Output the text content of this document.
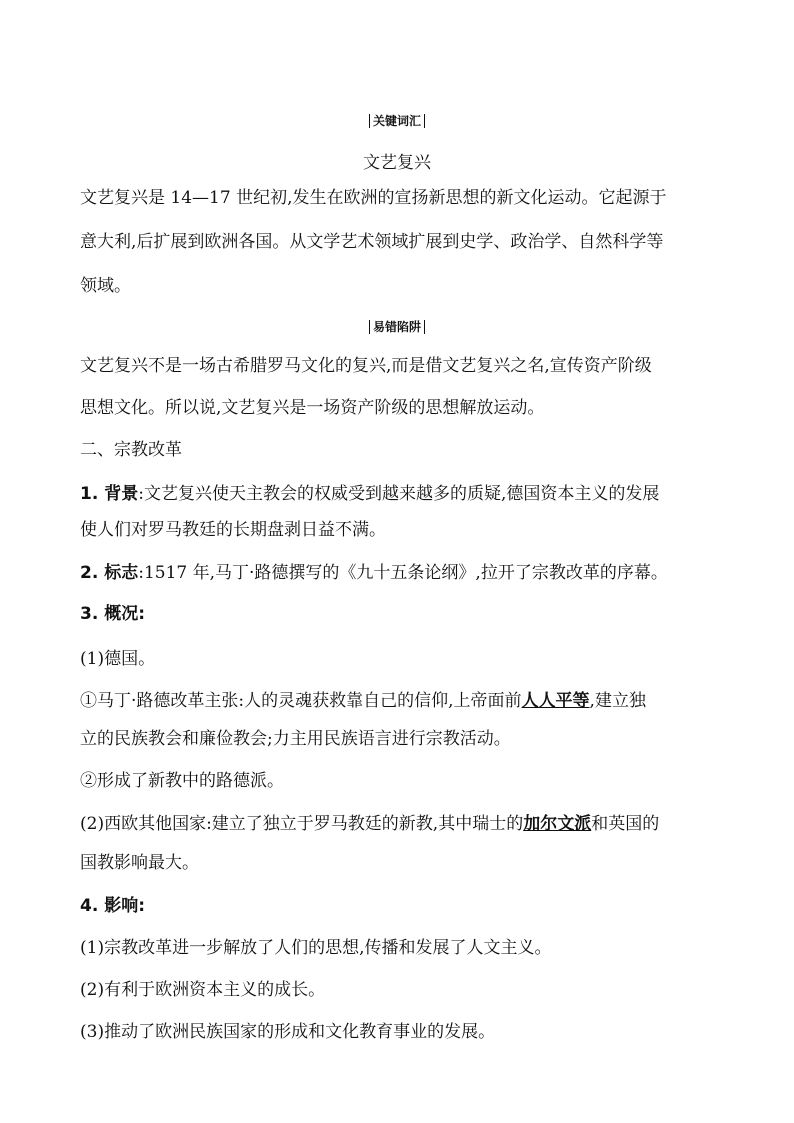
关键词汇
文艺复兴
文艺复兴是 14—17 世纪初,发生在欧洲的宣扬新思想的新文化运动。它起源于
意大利,后扩展到欧洲各国。从文学艺术领域扩展到史学、政治学、自然科学等
领域。
易错陷阱
文艺复兴不是一场古希腊罗马文化的复兴,而是借文艺复兴之名,宣传资产阶级
思想文化。所以说,文艺复兴是一场资产阶级的思想解放运动。
二、宗教改革
1. 背景:文艺复兴使天主教会的权威受到越来越多的质疑,德国资本主义的发展
使人们对罗马教廷的长期盘剥日益不满。
2. 标志:1517 年,马丁·路德撰写的《九十五条论纲》,拉开了宗教改革的序幕。
3. 概况:
(1)德国。
①马丁·路德改革主张:人的灵魂获救靠自己的信仰,上帝面前人人平等,建立独
立的民族教会和廉俭教会;力主用民族语言进行宗教活动。
②形成了新教中的路德派。
(2)西欧其他国家:建立了独立于罗马教廷的新教,其中瑞士的加尔文派和英国的
国教影响最大。
4. 影响:
(1)宗教改革进一步解放了人们的思想,传播和发展了人文主义。
(2)有利于欧洲资本主义的成长。
(3)推动了欧洲民族国家的形成和文化教育事业的发展。
